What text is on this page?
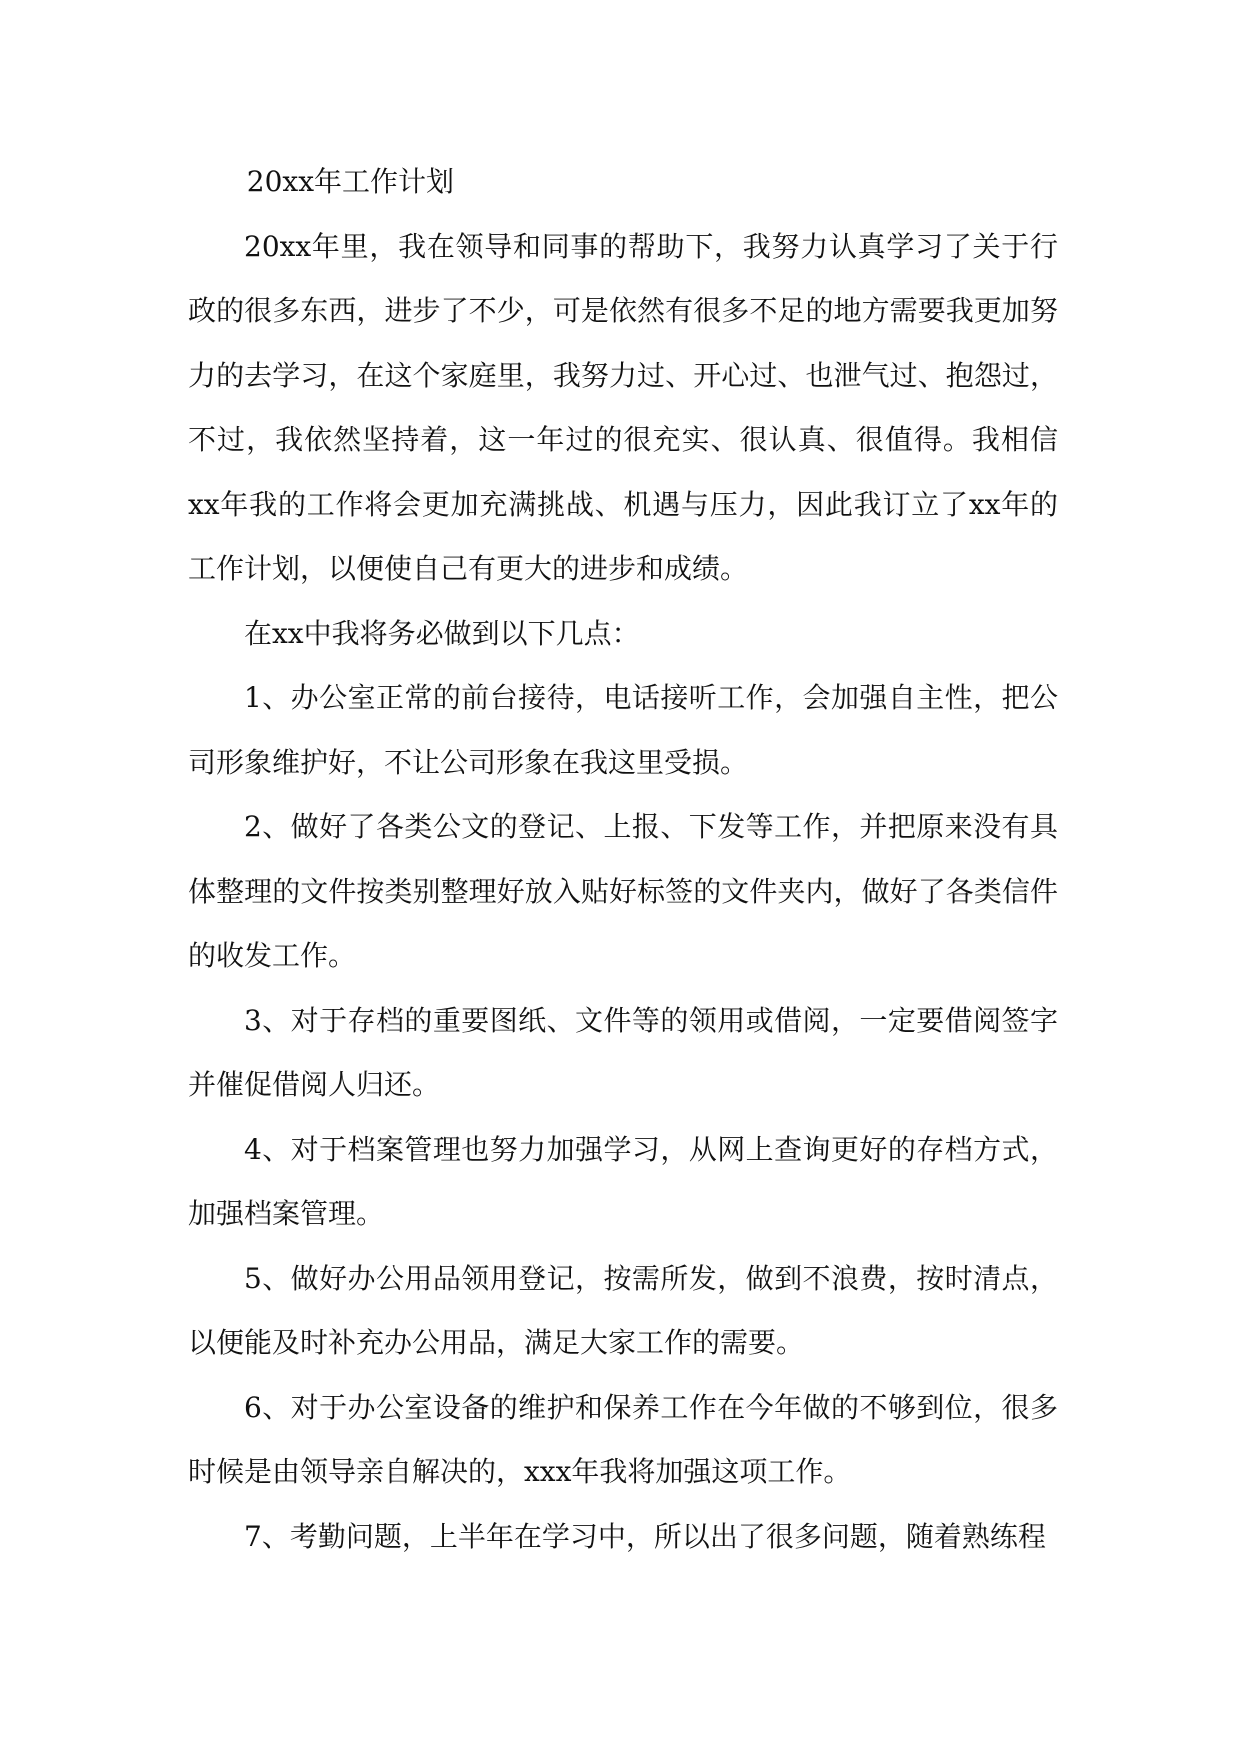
20xx年工作计划

20xx年里，我在领导和同事的帮助下，我努力认真学习了关于行政的很多东西，进步了不少，可是依然有很多不足的地方需要我更加努力的去学习，在这个家庭里，我努力过、开心过、也泄气过、抱怨过，不过，我依然坚持着，这一年过的很充实、很认真、很值得。我相信xx年我的工作将会更加充满挑战、机遇与压力，因此我订立了xx年的工作计划，以便使自己有更大的进步和成绩。

在xx中我将务必做到以下几点：

1、办公室正常的前台接待，电话接听工作，会加强自主性，把公司形象维护好，不让公司形象在我这里受损。

2、做好了各类公文的登记、上报、下发等工作，并把原来没有具体整理的文件按类别整理好放入贴好标签的文件夹内，做好了各类信件的收发工作。

3、对于存档的重要图纸、文件等的领用或借阅，一定要借阅签字并催促借阅人归还。

4、对于档案管理也努力加强学习，从网上查询更好的存档方式，加强档案管理。

5、做好办公用品领用登记，按需所发，做到不浪费，按时清点，以便能及时补充办公用品，满足大家工作的需要。

6、对于办公室设备的维护和保养工作在今年做的不够到位，很多时候是由领导亲自解决的，xxx年我将加强这项工作。

7、考勤问题，上半年在学习中，所以出了很多问题，随着熟练程
